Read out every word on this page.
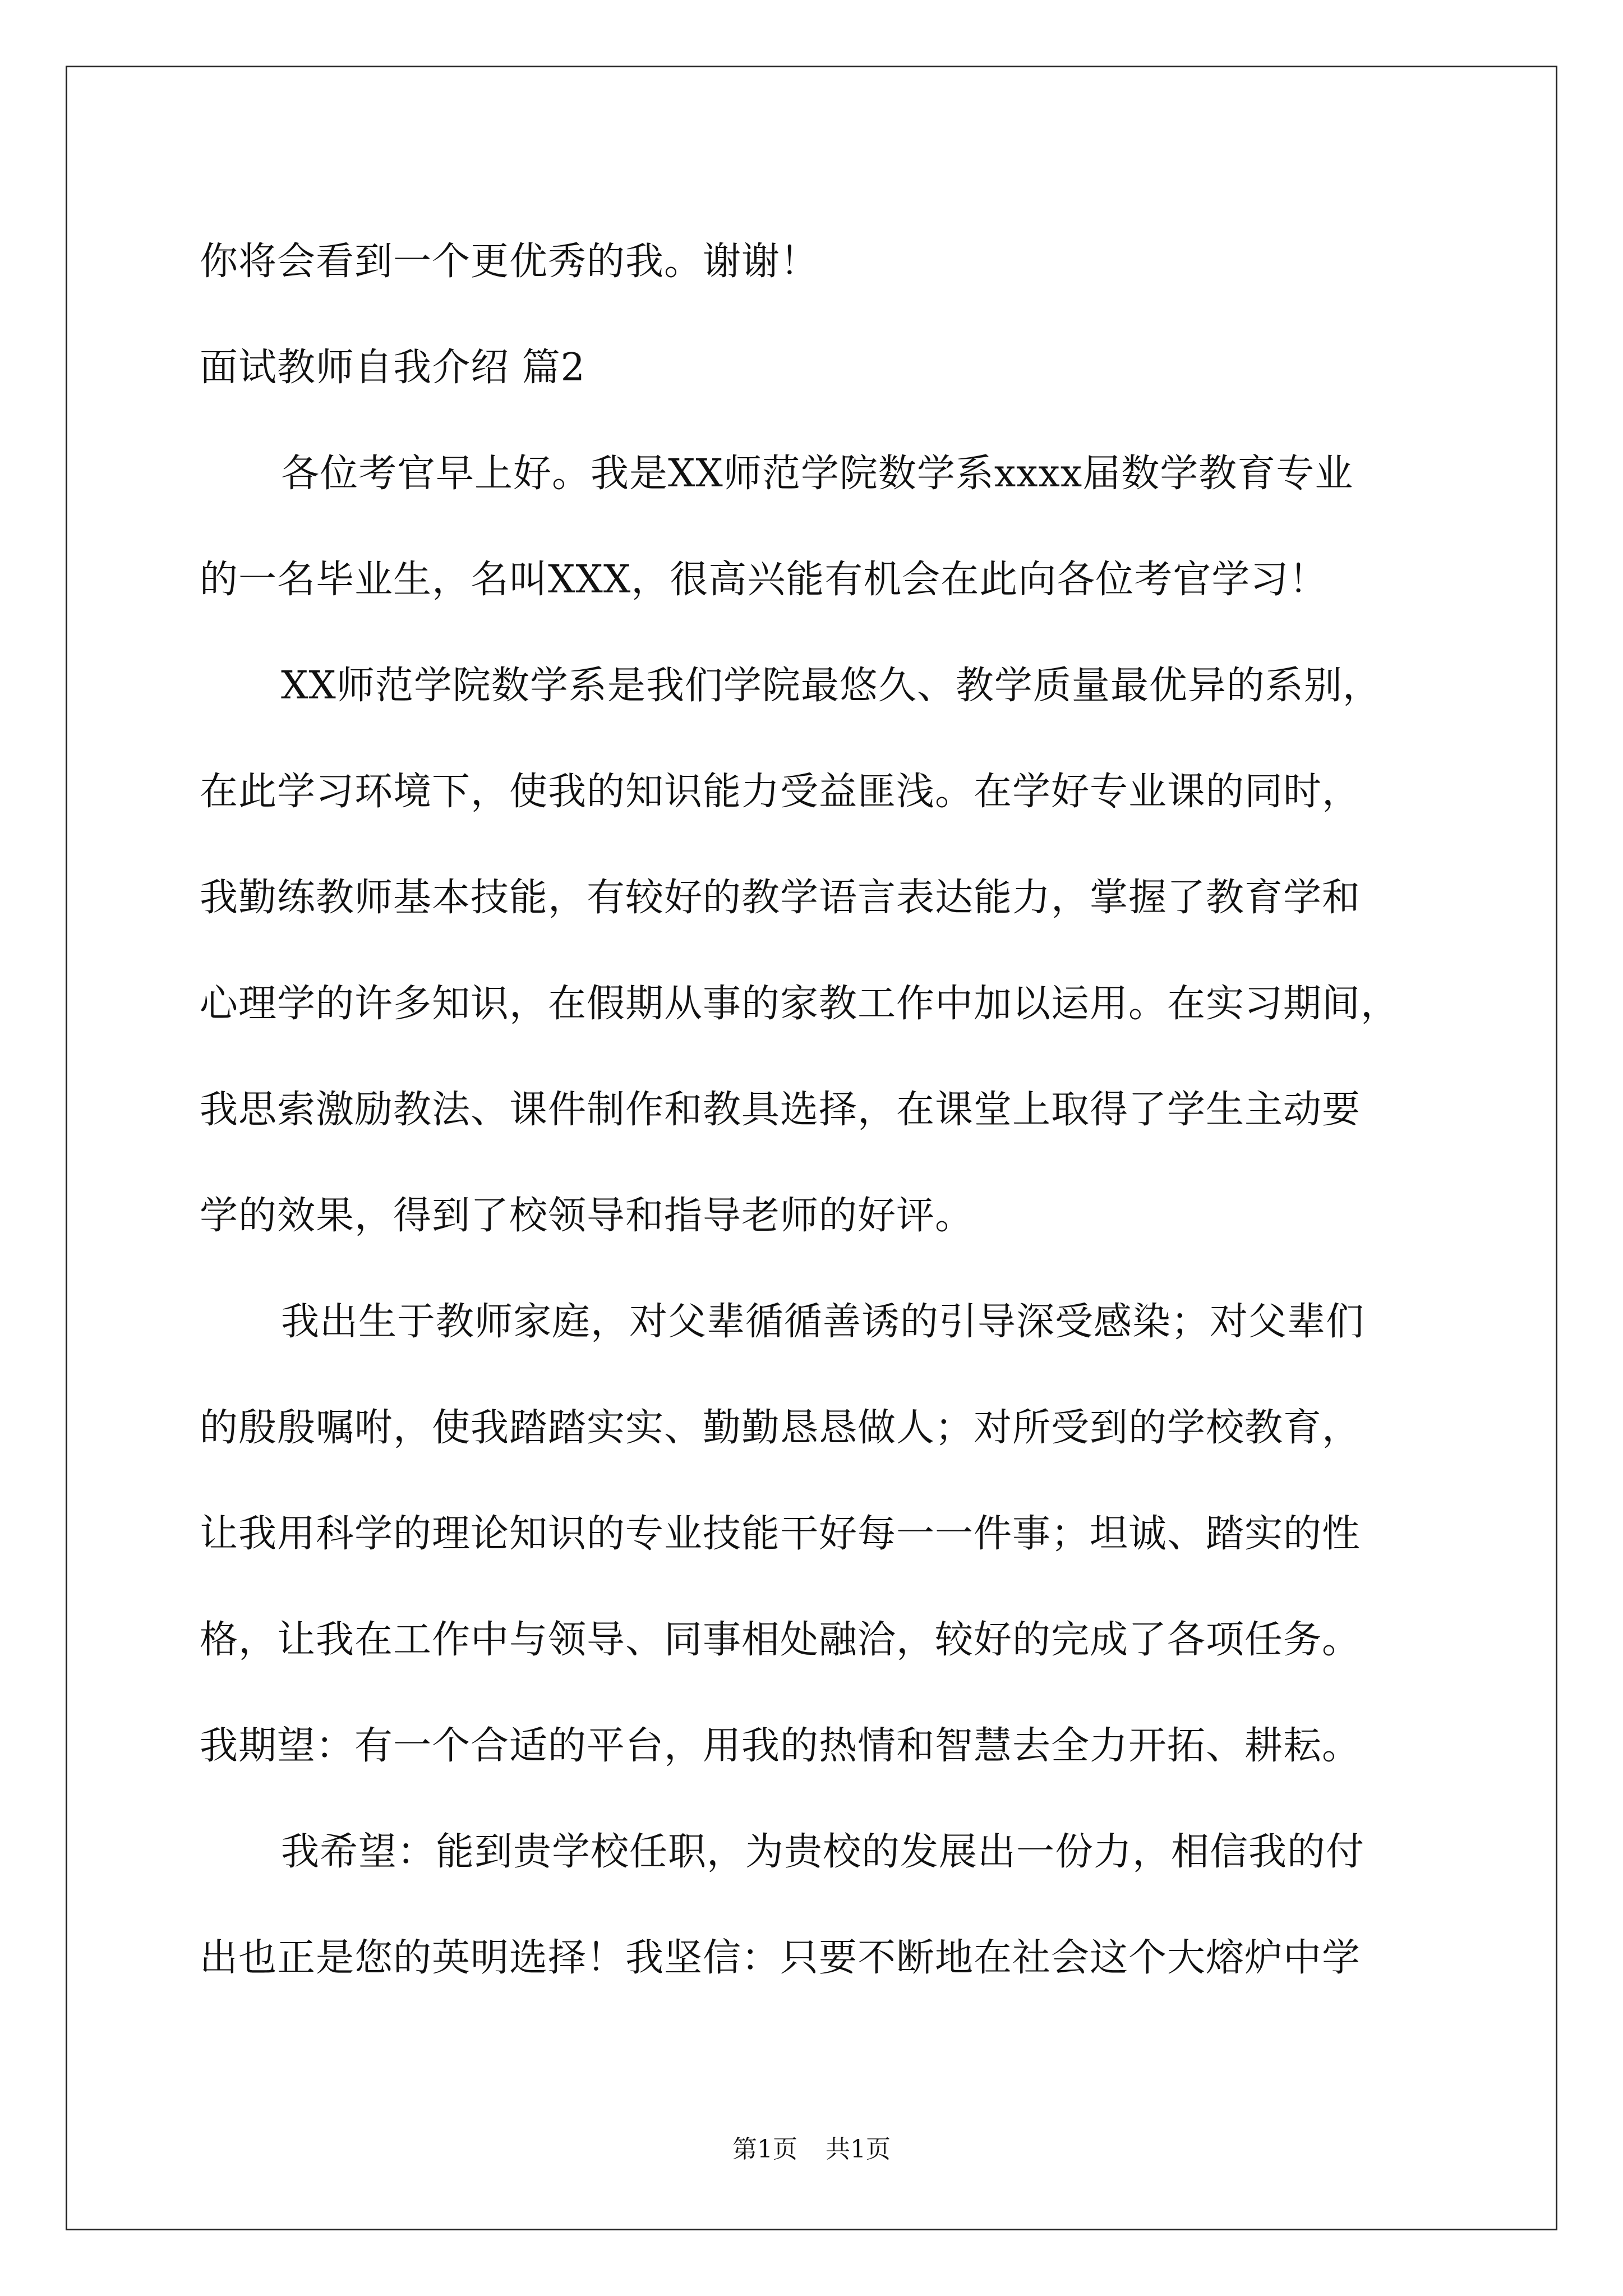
你将会看到一个更优秀的我。谢谢！
面试教师自我介绍 篇2
各位考官早上好。我是XX师范学院数学系xxxx届数学教育专业
的一名毕业生，名叫XXX，很高兴能有机会在此向各位考官学习！
XX师范学院数学系是我们学院最悠久、教学质量最优异的系别，
在此学习环境下，使我的知识能力受益匪浅。在学好专业课的同时，
我勤练教师基本技能，有较好的教学语言表达能力，掌握了教育学和
心理学的许多知识，在假期从事的家教工作中加以运用。在实习期间，
我思索激励教法、课件制作和教具选择，在课堂上取得了学生主动要
学的效果，得到了校领导和指导老师的好评。
我出生于教师家庭，对父辈循循善诱的引导深受感染；对父辈们
的殷殷嘱咐，使我踏踏实实、勤勤恳恳做人；对所受到的学校教育，
让我用科学的理论知识的专业技能干好每一一件事；坦诚、踏实的性
格，让我在工作中与领导、同事相处融洽，较好的完成了各项任务。
我期望：有一个合适的平台，用我的热情和智慧去全力开拓、耕耘。
我希望：能到贵学校任职，为贵校的发展出一份力，相信我的付
出也正是您的英明选择！我坚信：只要不断地在社会这个大熔炉中学
第1页 共1页
